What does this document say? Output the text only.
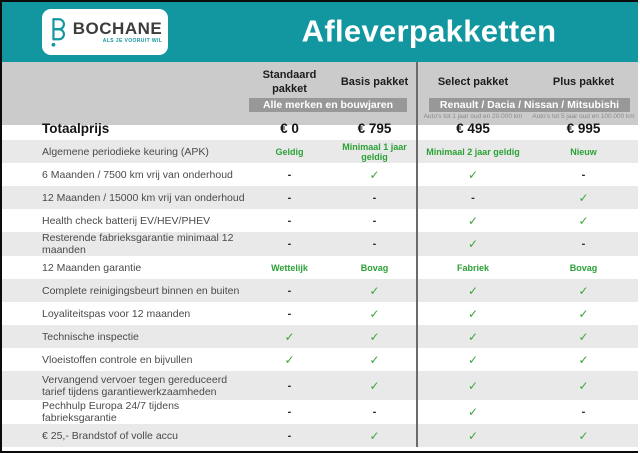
BOCHANE
ALS JE VOORUIT WIL	Afleverpakketten
Standaard pakket
Basis pakket	Select pakket	Plus pakket
Alle merken en bouwjaren	Renault / Dacia / Nissan / Mitsubishi
Auto's tot 1 jaar oud en 20.000 km	Auto's tot 5 jaar oud en 100.000 km
Totaalprijs	€ 0	€ 795	€ 495	€ 995
Algemene periodieke keuring (APK)	Geldig	Minimaal 1 jaar geldig	Minimaal 2 jaar geldig	Nieuw
6 Maanden / 7500 km vrij van onderhoud	-	✓	✓	-
12 Maanden / 15000 km vrij van onderhoud	-	-	-	✓
Health check batterij EV/HEV/PHEV	-	-	✓	✓
Resterende fabrieksgarantie minimaal 12 maanden	-	-	✓	-
12 Maanden garantie	Wettelijk	Bovag	Fabriek	Bovag
Complete reinigingsbeurt binnen en buiten	-	✓	✓	✓
Loyaliteitspas voor 12 maanden	-	✓	✓	✓
Technische inspectie	✓	✓	✓	✓
Vloeistoffen controle en bijvullen	✓	✓	✓	✓
Vervangend vervoer tegen gereduceerd tarief tijdens garantiewerkzaamheden	-	✓	✓	✓
Pechhulp Europa 24/7 tijdens fabrieksgarantie	-	-	✓	-
€ 25,- Brandstof of volle accu	-	✓	✓	✓
